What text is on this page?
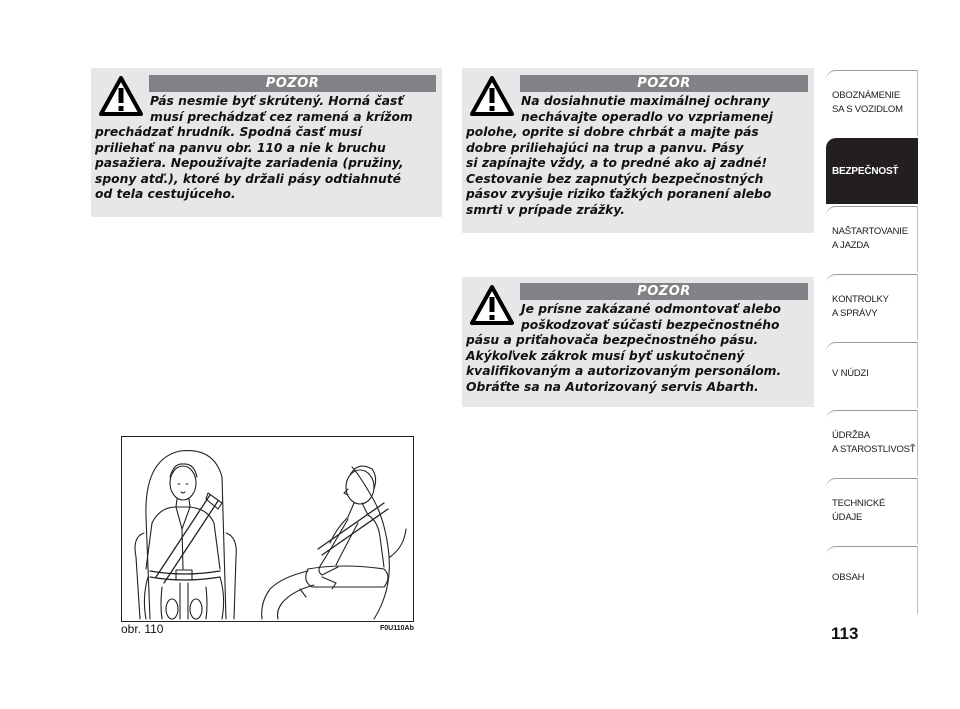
POZOR

Pás nesmie byť skrútený. Horná časť
musí prechádzať cez ramená a krížom
prechádzať hrudník. Spodná časť musí
priliehať na panvu obr. 110 a nie k bruchu
pasažiera. Nepoužívajte zariadenia (pružiny,
spony atď.), ktoré by držali pásy odtiahnuté
od tela cestujúceho.

POZOR

Na dosiahnutie maximálnej ochrany
nechávajte operadlo vo vzpriamenej
polohe, oprite si dobre chrbát a majte pás
dobre priliehajúci na trup a panvu. Pásy
si zapínajte vždy, a to predné ako aj zadné!
Cestovanie bez zapnutých bezpečnostných
pásov zvyšuje riziko ťažkých poranení alebo
smrti v prípade zrážky.

POZOR

Je prísne zakázané odmontovať alebo
poškodzovať súčasti bezpečnostného
pásu a priťahovača bezpečnostného pásu.
Akýkoľvek zákrok musí byť uskutočnený
kvalifikovaným a autorizovaným personálom.
Obráťte sa na Autorizovaný servis Abarth.

obr. 110	F0U110Ab
OBOZNÁMENIE
SA S VOZIDLOM
BEZPEČNOSŤ
NAŠTARTOVANIE
A JAZDA
KONTROLKY
A SPRÁVY
V NÚDZI
ÚDRŽBA
A STAROSTLIVOSŤ
TECHNICKÉ
ÚDAJE
OBSAH
113
